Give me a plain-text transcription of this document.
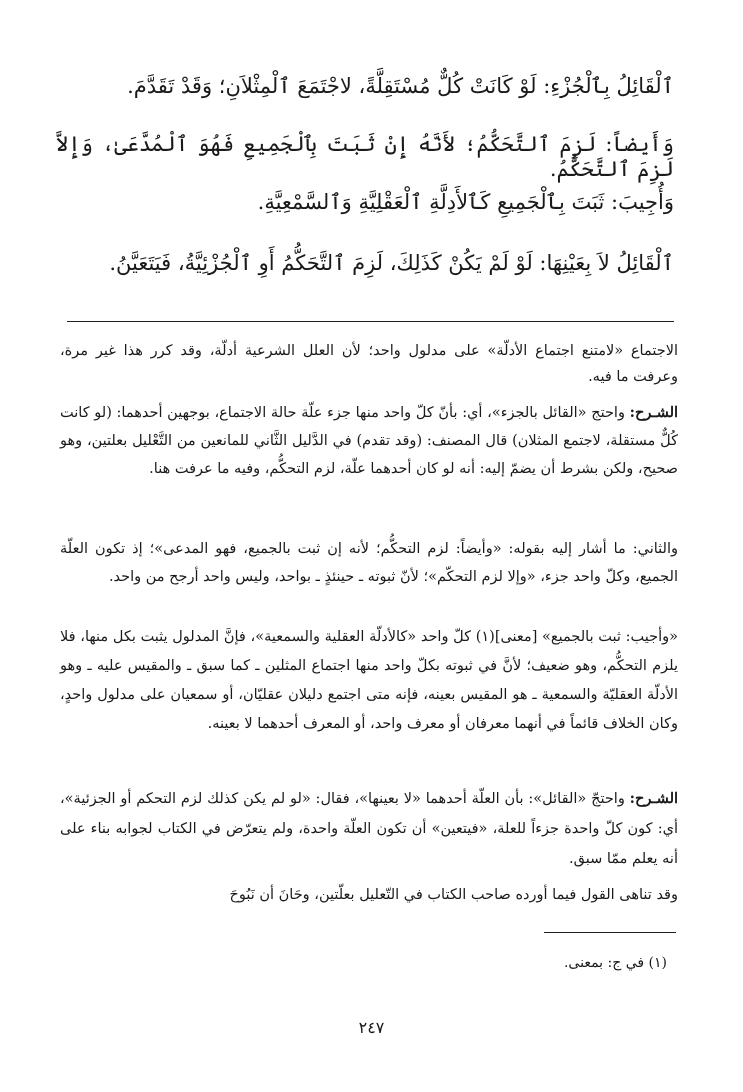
ٱلْقَائِلُ بِٱلْجُزْءِ: لَوْ كَانَتْ كُلٌّ مُسْتَقِلَّةً، لاجْتَمَعَ ٱلْمِثْلاَنِ؛ وَقَدْ تَقَدَّمَ.
وَأَيضاً: لَزِمَ ٱلتَّحَكُّمُ؛ لأَنَّهُ إِنْ ثَبَتَ بِٱلْجَمِيعِ فَهُوَ ٱلْمُدَّعَىٰ، وَإِلاَّ لَزِمَ ٱلتَّحَكُّمُ.
وَأُجِيبَ: ثَبَتَ بِٱلْجَمِيعِ كَٱلأَدِلَّةِ ٱلْعَقْلِيَّةِ وَٱلسَّمْعِيَّةِ.
ٱلْقَائِلُ لاَ بِعَيْنِهَا: لَوْ لَمْ يَكُنْ كَذَلِكَ، لَزِمَ ٱلتَّحَكُّمُ أَوِ ٱلْجُزْئِيَّةُ، فَيَتَعَيَّنُ.
الاجتماع «لامتنع اجتماع الأدلّة» على مدلول واحد؛ لأن العلل الشرعية أدلّة، وقد كرر هذا غير مرة، وعرفت ما فيه.
الشـرح: واحتج «القائل بالجزء»، أي: بأنّ كلّ واحد منها جزء علّة حالة الاجتماع، بوجهين أحدهما: (لو كانت كُلٌّ مستقلة، لاجتمع المثلان) قال المصنف: (وقد تقدم) في الدَّليل الثَّاني للمانعين من التَّعْليل بعلتين، وهو صحيح، ولكن بشرط أن يضمّ إليه: أنه لو كان أحدهما علّة، لزم التحكُّم، وفيه ما عرفت هنا.
والثاني: ما أشار إليه بقوله: «وأيضاً: لزم التحكُّم؛ لأنه إن ثبت بالجميع، فهو المدعى»؛ إذ تكون العلّة الجميع، وكلّ واحد جزء، «وإلا لزم التحكّم»؛ لأنّ ثبوته ـ حينئذٍ ـ بواحد، وليس واحد أرجح من واحد.
«وأجيب: ثبت بالجميع» [معنى](١) كلّ واحد «كالأدلّة العقلية والسمعية»، فإنَّ المدلول يثبت بكل منها، فلا يلزم التحكُّم، وهو ضعيف؛ لأنَّ في ثبوته بكلّ واحد منها اجتماع المثلين ـ كما سبق ـ والمقيس عليه ـ وهو الأدلّة العقليّة والسمعية ـ هو المقيس بعينه، فإنه متى اجتمع دليلان عقليّان، أو سمعيان على مدلول واحدٍ، وكان الخلاف قائماً في أنهما معرفان أو معرف واحد، أو المعرف أحدهما لا بعينه.
الشـرح: واحتجّ «القائل»: بأن العلّة أحدهما «لا بعينها»، فقال: «لو لم يكن كذلك لزم التحكم أو الجزئية»، أي: كون كلّ واحدة جزءاً للعلة، «فيتعين» أن تكون العلّة واحدة، ولم يتعرّض في الكتاب لجوابه بناء على أنه يعلم ممّا سبق.
وقد تناهى القول فيما أورده صاحب الكتاب في التّعليل بعلّتين، وحَانَ أن نَبُوحَ
(١) في ج: بمعنى.
٢٤٧
